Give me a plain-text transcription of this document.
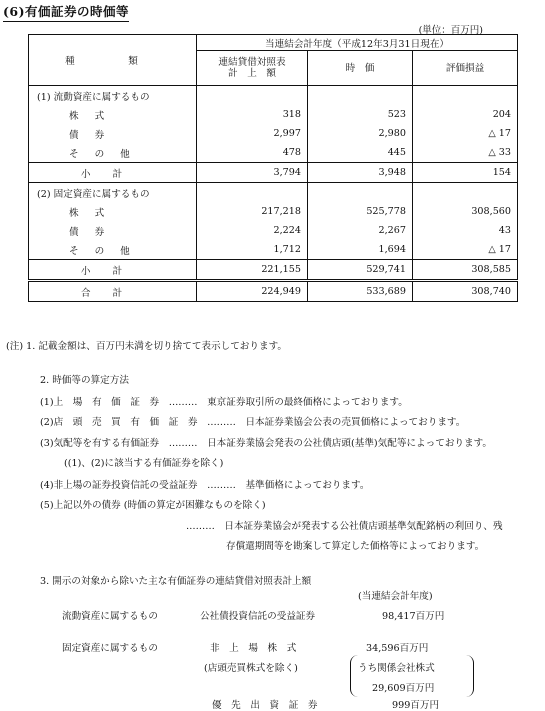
(6)有価証券の時価等
(単位：百万円)
種　類	当連結会計年度（平成12年3月31日現在）		
	連結貸借対照表
計　上　額	時　価	評価損益
(1) 流動資産に属するもの			
株式	318	523	204
債券	2,997	2,980	△ 17
その他	478	445	△ 33
小計	3,794	3,948	154
(2) 固定資産に属するもの			
株式	217,218	525,778	308,560
債券	2,224	2,267	43
その他	1,712	1,694	△ 17
小計	221,155	529,741	308,585
合計	224,949	533,689	308,740
(注) 1. 記載金額は、百万円未満を切り捨てて表示しております。
2. 時価等の算定方法
(1)上　場　有　価　証　券　………　東京証券取引所の最終価格によっております。
(2)店　頭　売　買　有　価　証　券　………　日本証券業協会公表の売買価格によっております。
(3)気配等を有する有価証券　………　日本証券業協会発表の公社債店頭(基準)気配等によっております。
((1)、(2)に該当する有価証券を除く)
(4)非上場の証券投資信託の受益証券　………　基準価格によっております。
(5)上記以外の債券 (時価の算定が困難なものを除く)
………　日本証券業協会が発表する公社債店頭基準気配銘柄の利回り、残
存償還期間等を勘案して算定した価格等によっております。
3. 開示の対象から除いた主な有価証券の連結貸借対照表計上額
(当連結会計年度)
流動資産に属するもの	公社債投資信託の受益証券	98,417百万円
固定資産に属するもの	非　上　場　株　式	34,596百万円
(店頭売買株式を除く)	うち関係会社株式
29,609百万円
優　先　出　資　証　券	999百万円
